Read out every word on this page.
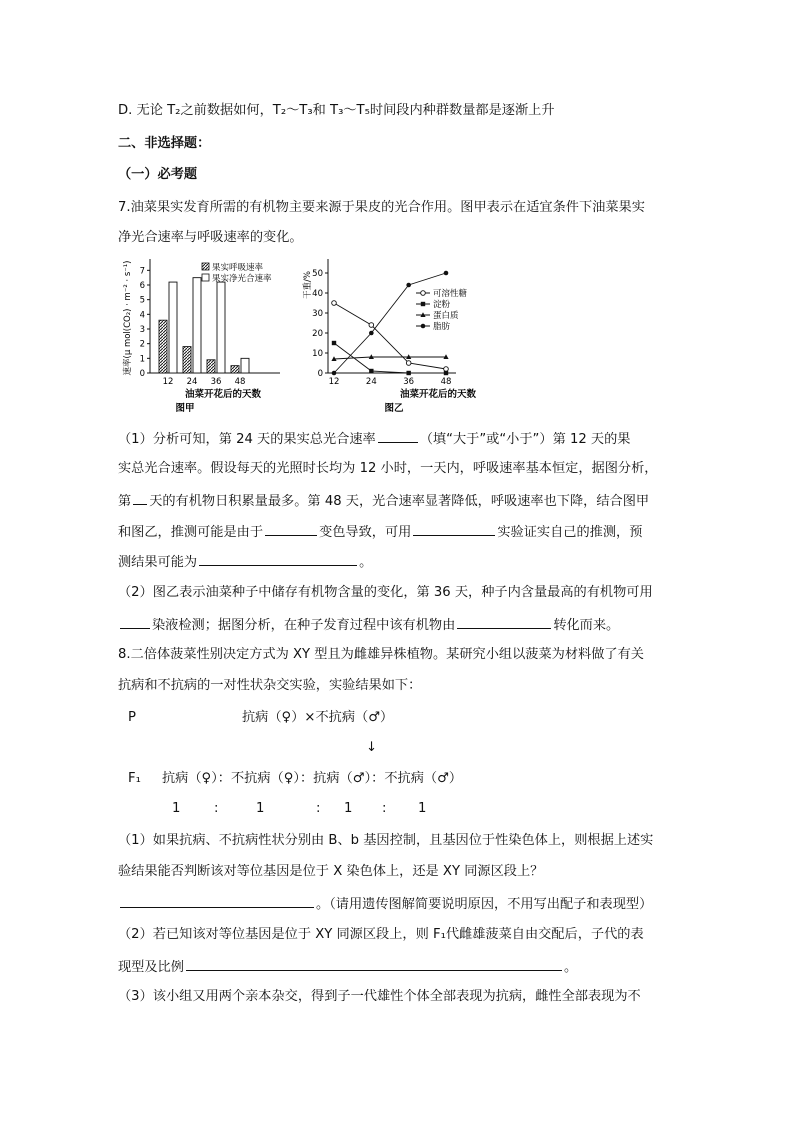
D. 无论 T₂之前数据如何，T₂～T₃和 T₃～T₅时间段内种群数量都是逐渐上升
二、非选择题：
（一）必考题
7.油菜果实发育所需的有机物主要来源于果皮的光合作用。图甲表示在适宜条件下油菜果实
净光合速率与呼吸速率的变化。
0
1
2
3
4
5
6
7
12 24 36 48
油菜开花后的天数
图甲
速率(μ mol(CO₂) · m⁻² · s⁻¹)	果实呼吸速率
果实净光合速率
0
10
20
30
40
50
12	24	36	48
干重/%
油菜开花后的天数
图乙
可溶性糖
淀粉
蛋白质
脂肪
（1）分析可知，第 24 天的果实总光合速率	（填“大于”或“小于”）第 12 天的果
实总光合速率。假设每天的光照时长均为 12 小时，一天内，呼吸速率基本恒定，据图分析，
第 天的有机物日积累量最多。第 48 天，光合速率显著降低，呼吸速率也下降，结合图甲
和图乙，推测可能是由于	变色导致，可用	实验证实自己的推测，预
测结果可能为	。
（2）图乙表示油菜种子中储存有机物含量的变化，第 36 天，种子内含量最高的有机物可用
染液检测；据图分析，在种子发育过程中该有机物由	转化而来。
8.二倍体菠菜性别决定方式为 XY 型且为雌雄异株植物。某研究小组以菠菜为材料做了有关
抗病和不抗病的一对性状杂交实验，实验结果如下：
P	抗病（♀）×不抗病（♂）
↓
F₁ 抗病（♀）：不抗病（♀）：抗病（♂）：不抗病（♂）
1	:	1	: 1 : 1
（1）如果抗病、不抗病性状分别由 B、b 基因控制，且基因位于性染色体上，则根据上述实
验结果能否判断该对等位基因是位于 X 染色体上，还是 XY 同源区段上？
。（请用遗传图解简要说明原因，不用写出配子和表现型）
（2）若已知该对等位基因是位于 XY 同源区段上，则 F₁代雌雄菠菜自由交配后，子代的表
现型及比例	。
（3）该小组又用两个亲本杂交，得到子一代雄性个体全部表现为抗病，雌性全部表现为不
